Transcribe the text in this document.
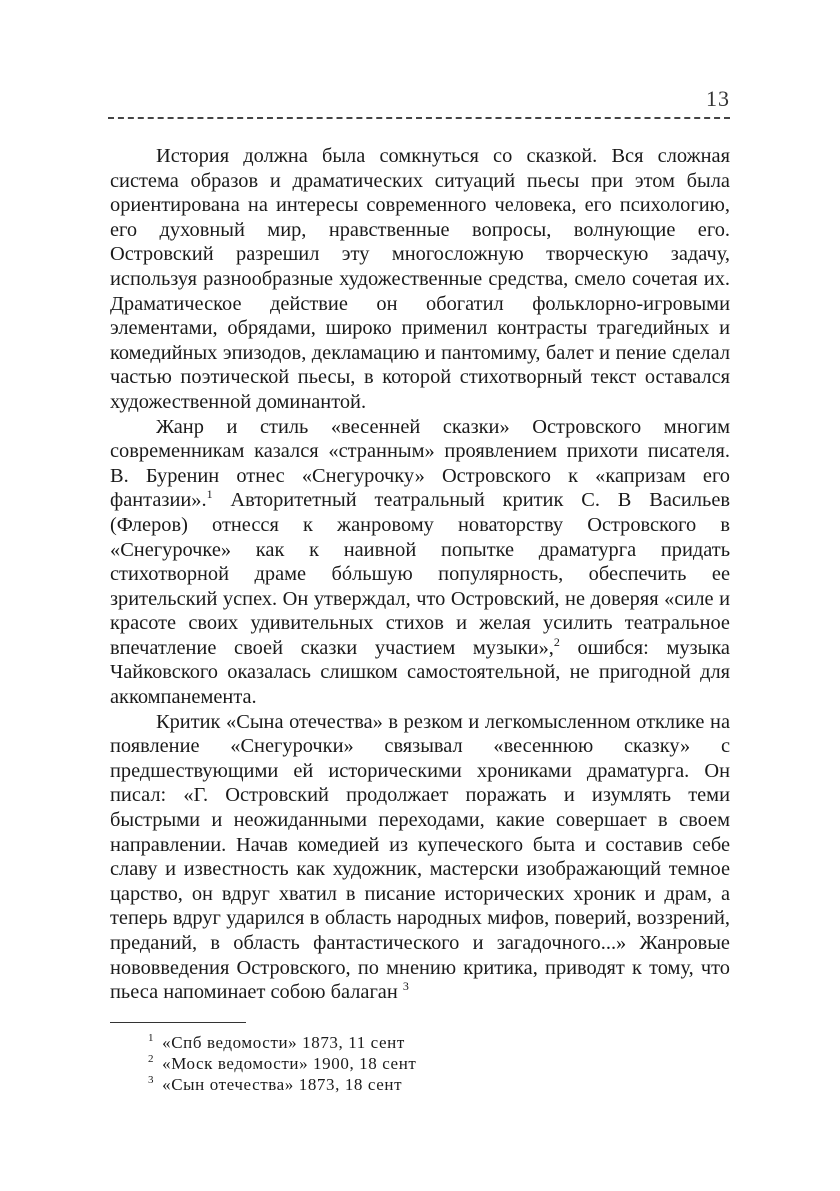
13

История должна была сомкнуться со сказкой. Вся сложная система образов и драматических ситуаций пьесы при этом была ориентирована на интересы современного человека, его психологию, его духовный мир, нравственные вопросы, волнующие его. Островский разрешил эту многосложную творческую задачу, используя разнообразные художественные средства, смело сочетая их. Драматическое действие он обогатил фольклорно-игровыми элементами, обрядами, широко применил контрасты трагедийных и комедийных эпизодов, декламацию и пантомиму, балет и пение сделал частью поэтической пьесы, в которой стихотворный текст оставался художественной доминантой.

Жанр и стиль «весенней сказки» Островского многим современникам казался «странным» проявлением прихоти писателя. В. Буренин отнес «Снегурочку» Островского к «капризам его фантазии».$^1$ Авторитетный театральный критик С. В Васильев (Флеров) отнесся к жанровому новаторству Островского в «Снегурочке» как к наивной попытке драматурга придать стихотворной драме бóльшую популярность, обеспечить ее зрительский успех. Он утверждал, что Островский, не доверяя «силе и красоте своих удивительных стихов и желая усилить театральное впечатление своей сказки участием музыки»,$^2$ ошибся: музыка Чайковского оказалась слишком самостоятельной, не пригодной для аккомпанемента.

Критик «Сына отечества» в резком и легкомысленном отклике на появление «Снегурочки» связывал «весеннюю сказку» с предшествующими ей историческими хрониками драматурга. Он писал: «Г. Островский продолжает поражать и изумлять теми быстрыми и неожиданными переходами, какие совершает в своем направлении. Начав комедией из купеческого быта и составив себе славу и известность как художник, мастерски изображающий темное царство, он вдруг хватил в писание исторических хроник и драм, а теперь вдруг ударился в область народных мифов, поверий, воззрений, преданий, в область фантастического и загадочного...» Жанровые нововведения Островского, по мнению критика, приводят к тому, что пьеса напоминает собою балаган $^3$

$^1$ «Спб ведомости» 1873, 11 сент
$^2$ «Моск ведомости» 1900, 18 сент
$^3$ «Сын отечества» 1873, 18 сент
